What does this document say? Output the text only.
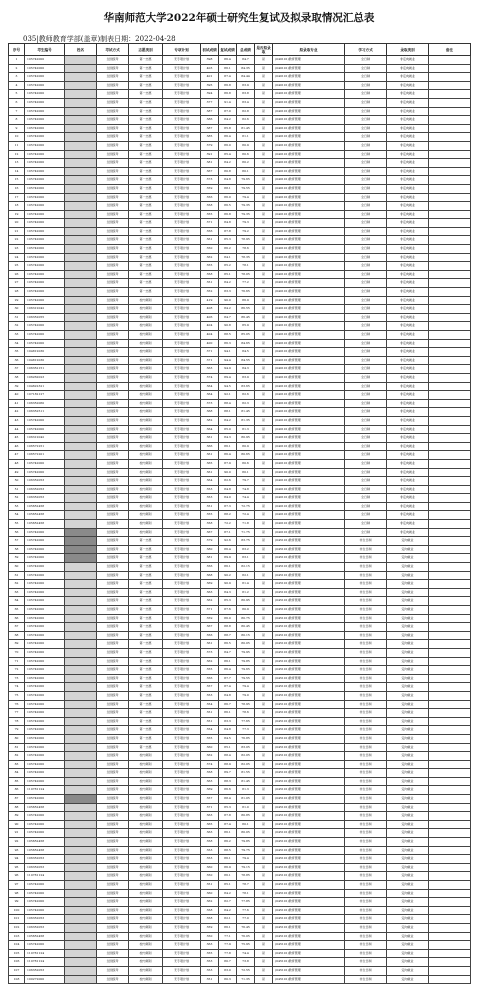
华南师范大学2022年硕士研究生复试及拟录取情况汇总表
035|教师教育学部(盖章)制表日期：2022-04-28
序号	考生编号	姓名	考试方式	志愿类别	专项计划	初试成绩	复试成绩	总成绩	是否拟录取	拟录取专业	学习方式	录取类别	备注
1	105742000		全国统考	第一志愿	无专项计划	398	86.4	84.7	是	(040101)教育管理	全日制	非定向就业	
2	105742000		全国统考	第一志愿	无专项计划	403	86.1	84.35	是	(040101)教育管理	全日制	非定向就业	
3	105742000		全国统考	第一志愿	无专项计划	401	87.4	84.44	是	(040101)教育管理	全日制	非定向就业	
4	105742000		全国统考	第一志愿	无专项计划	395	86.8	83.9	是	(040101)教育管理	全日制	非定向就业	
5	105742000		全国统考	第一志愿	无专项计划	394	86.8	83.8	是	(040101)教育管理	全日制	非定向就业	
6	105742000		全国统考	第一志愿	无专项计划	377	91.4	83.4	是	(040101)教育管理	全日制	非定向就业	
7	105742000		全国统考	第一志愿	无专项计划	387	87.0	82.8	是	(040101)教育管理	全日制	非定向就业	
8	105742000		全国统考	第一志愿	无专项计划	386	84.2	82.6	是	(040101)教育管理	全日制	非定向就业	
9	105742000		全国统考	第一志愿	无专项计划	387	85.8	81.45	是	(040101)教育管理	全日制	非定向就业	
10	105742000		全国统考	第一志愿	无专项计划	385	86.4	81.1	是	(040101)教育管理	全日制	非定向就业	
11	105742000		全国统考	第一志愿	无专项计划	379	86.0	80.9	是	(040101)教育管理	全日制	非定向就业	
12	105742000		全国统考	第一志愿	无专项计划	391	85.4	80.6	是	(040101)教育管理	全日制	非定向就业	
13	105742000		全国统考	第一志愿	无专项计划	381	84.2	80.2	是	(040101)教育管理	全日制	非定向就业	
14	105742000		全国统考	第一志愿	无专项计划	367	80.8	80.1	是	(040101)教育管理	全日制	非定向就业	
15	105742000		全国统考	第一志愿	无专项计划	373	84.8	79.65	是	(040101)教育管理	全日制	非定向就业	
16	105742000		全国统考	第一志愿	无专项计划	359	88.1	79.55	是	(040101)教育管理	全日制	非定向就业	
17	105742000		全国统考	第一志愿	无专项计划	356	86.0	79.4	是	(040101)教育管理	全日制	非定向就业	
18	105742000		全国统考	第一志愿	无专项计划	358	86.5	79.35	是	(040101)教育管理	全日制	非定向就业	
19	105742000		全国统考	第一志愿	无专项计划	355	86.8	79.35	是	(040101)教育管理	全日制	非定向就业	
20	105742000		全国统考	第一志愿	无专项计划	371	84.8	79.3	是	(040101)教育管理	全日制	非定向就业	
21	105742000		全国统考	第一志愿	无专项计划	356	87.8	79.2	是	(040101)教育管理	全日制	非定向就业	
22	105742000		全国统考	第一志愿	无专项计划	361	85.3	78.95	是	(040101)教育管理	全日制	非定向就业	
23	105742000		全国统考	第一志愿	无专项计划	350	86.2	78.6	是	(040101)教育管理	全日制	非定向就业	
24	105742000		全国统考	第一志愿	无专项计划	362	84.1	78.35	是	(040101)教育管理	全日制	非定向就业	
25	105742000		全国统考	第一志愿	无专项计划	355	85.2	78.1	是	(040101)教育管理	全日制	非定向就业	
26	105742000		全国统考	第一志愿	无专项计划	358	85.1	78.05	是	(040101)教育管理	全日制	非定向就业	
27	105742000		全国统考	第一志愿	无专项计划	351	84.2	77.2	是	(040101)教育管理	全日制	非定向就业	
28	105742000		全国统考	第一志愿	无专项计划	352	83.3	76.65	是	(040101)教育管理	全日制	非定向就业	
29	105742000		全国统考	校内调剂	无专项计划	419	90.0	86.9	是	(040101)教育管理	全日制	非定向就业	
30	106312042		全国统考	校内调剂	无专项计划	408	84.2	86.55	是	(040101)教育管理	全日制	非定向就业	
31	106352055		全国统考	校内调剂	无专项计划	406	84.7	86.45	是	(040101)教育管理	全日制	非定向就业	
32	105742000		全国统考	校内调剂	无专项计划	404	90.8	85.9	是	(040101)教育管理	全日制	非定向就业	
33	105742000		全国统考	校内调剂	无专项计划	404	88.5	85.05	是	(040101)教育管理	全日制	非定向就业	
34	105742000		全国统考	校内调剂	无专项计划	400	86.3	84.65	是	(040101)教育管理	全日制	非定向就业	
35	104812030		全国统考	校内调剂	无专项计划	371	94.1	84.5	是	(040101)教育管理	全日制	非定向就业	
36	104812030		全国统考	校内调剂	无专项计划	371	94.4	84.55	是	(040101)教育管理	全日制	非定向就业	
37	106352151		全国统考	校内调剂	无专项计划	363	94.9	84.3	是	(040101)教育管理	全日制	非定向就业	
38	106262023		全国统考	校内调剂	无专项计划	374	89.4	83.9	是	(040101)教育管理	全日制	非定向就业	
39	104622321		全国统考	校内调剂	无专项计划	364	94.5	83.65	是	(040101)教育管理	全日制	非定向就业	
40	107182127		全国统考	校内调剂	无专项计划	364	92.1	82.6	是	(040101)教育管理	全日制	非定向就业	
41	106352060		全国统考	校内调剂	无专项计划	373	88.4	82.3	是	(040101)教育管理	全日制	非定向就业	
42	106352511		全国统考	校内调剂	无专项计划	368	88.1	81.45	是	(040101)教育管理	全日制	非定向就业	
43	105742000		全国统考	校内调剂	无专项计划	382	84.2	81.35	是	(040101)教育管理	全日制	非定向就业	
44	105742000		全国统考	校内调剂	无专项计划	364	85.0	81.3	是	(040101)教育管理	全日制	非定向就业	
45	106312042		全国统考	校内调剂	无专项计划	361	84.3	80.95	是	(040101)教育管理	全日制	非定向就业	
46	106572251		全国统考	校内调剂	无专项计划	366	86.1	80.9	是	(040101)教育管理	全日制	非定向就业	
47	106572201		全国统考	校内调剂	无专项计划	361	86.4	80.65	是	(040101)教育管理	全日制	非定向就业	
48	105742000		全国统考	校内调剂	无专项计划	365	87.9	80.6	是	(040101)教育管理	全日制	非定向就业	
49	105742000		全国统考	校内调剂	无专项计划	361	90.0	80.1	是	(040101)教育管理	全日制	非定向就业	
50	106352053		全国统考	校内调剂	无专项计划	364	82.6	79.7	是	(040101)教育管理	全日制	非定向就业	
51	106352053		全国统考	校内调剂	无专项计划	353	84.8	74.8	是	(040101)教育管理	全日制	非定向就业	
52	106352053		全国统考	校内调剂	无专项计划	353	84.0	74.4	是	(040101)教育管理	全日制	非定向就业	
53	105652458		全国统考	校内调剂	无专项计划	351	87.3	72.75	是	(040101)教育管理	全日制	非定向就业	
54	105652458		全国统考	校内调剂	无专项计划	355	88.2	72.4	是	(040101)教育管理	全日制	非定向就业	
55	105652458		全国统考	校内调剂	无专项计划	358	72.2	71.8	是	(040101)教育管理	全日制	非定向就业	
56	105742000		全国统考	校内调剂	无专项计划	367	87.1	71.75	是	(040101)教育管理	全日制	非定向就业	
57	105742000		全国统考	第一志愿	无专项计划	379	92.6	83.75	是	(045101)教育管理	非全日制	定向就业	
58	105742000		全国统考	第一志愿	无专项计划	380	86.4	83.2	是	(045101)教育管理	非全日制	定向就业	
59	105742000		全国统考	第一志愿	无专项计划	381	89.9	83.1	是	(045101)教育管理	非全日制	定向就业	
60	105742000		全国统考	第一志愿	无专项计划	356	86.1	82.15	是	(045101)教育管理	非全日制	定向就业	
61	105742000		全国统考	第一志愿	无专项计划	368	90.2	82.1	是	(045101)教育管理	非全日制	定向就业	
62	105742000		全国统考	第一志愿	无专项计划	369	90.9	81.4	是	(045101)教育管理	非全日制	定向就业	
63	105742000		全国统考	第一志愿	无专项计划	363	84.3	81.2	是	(045101)教育管理	非全日制	定向就业	
64	105742000		全国统考	第一志愿	无专项计划	362	85.3	80.95	是	(045101)教育管理	非全日制	定向就业	
65	105742000		全国统考	第一志愿	无专项计划	371	87.6	80.9	是	(045101)教育管理	非全日制	定向就业	
66	105742000		全国统考	第一志愿	无专项计划	359	86.0	80.75	是	(045101)教育管理	非全日制	定向就业	
67	105742000		全国统考	第一志愿	无专项计划	367	88.8	80.45	是	(045101)教育管理	非全日制	定向就业	
68	105742000		全国统考	第一志愿	无专项计划	356	88.7	80.15	是	(045101)教育管理	非全日制	定向就业	
69	105742000		全国统考	第一志愿	无专项计划	361	86.5	80.05	是	(045101)教育管理	非全日制	定向就业	
70	105742000		全国统考	第一志愿	无专项计划	373	84.7	79.95	是	(045101)教育管理	非全日制	定向就业	
71	105742000		全国统考	第一志愿	无专项计划	362	86.1	79.85	是	(045101)教育管理	非全日制	定向就业	
72	105742000		全国统考	第一志愿	无专项计划	355	86.4	79.65	是	(045101)教育管理	非全日制	定向就业	
73	105742000		全国统考	第一志愿	无专项计划	356	87.7	79.55	是	(045101)教育管理	非全日制	定向就业	
74	105742000		全国统考	第一志愿	无专项计划	357	87.4	79.4	是	(045101)教育管理	非全日制	定向就业	
75	105742000		全国统考	第一志愿	无专项计划	353	84.8	79.0	是	(045101)教育管理	非全日制	定向就业	
76	105742000		全国统考	第一志愿	无专项计划	354	86.7	78.95	是	(045101)教育管理	非全日制	定向就业	
77	105742000		全国统考	第一志愿	无专项计划	351	86.1	78.6	是	(045101)教育管理	非全日制	定向就业	
78	105742000		全国统考	第一志愿	无专项计划	351	83.3	77.65	是	(045101)教育管理	非全日制	定向就业	
79	105742000		全国统考	第一志愿	无专项计划	354	84.8	77.3	是	(045101)教育管理	非全日制	定向就业	
80	105742000		全国统考	第一志愿	无专项计划	355	84.5	76.85	是	(045101)教育管理	非全日制	定向就业	
81	105742000		全国统考	第一志愿	无专项计划	360	85.1	83.05	是	(045101)教育管理	非全日制	定向就业	
82	105742000		全国统考	校内调剂	无专项计划	362	88.4	82.05	是	(045101)教育管理	非全日制	定向就业	
83	105742000		全国统考	校内调剂	无专项计划	374	88.9	82.05	是	(045101)教育管理	非全日制	定向就业	
84	105742000		全国统考	校内调剂	无专项计划	358	89.7	81.55	是	(045101)教育管理	非全日制	定向就业	
85	105742000		全国统考	校内调剂	无专项计划	363	88.3	81.45	是	(045101)教育管理	非全日制	定向就业	
86	110781124		全国统考	校内调剂	无专项计划	369	86.6	81.3	是	(045101)教育管理	非全日制	定向就业	
87	105742000		全国统考	校内调剂	无专项计划	357	88.4	81.05	是	(045101)教育管理	非全日制	定向就业	
88	105652458		全国统考	校内调剂	无专项计划	371	85.3	81.0	是	(045101)教育管理	非全日制	定向就业	
89	105742000		全国统考	校内调剂	无专项计划	363	87.8	80.85	是	(045101)教育管理	非全日制	定向就业	
90	105742000		全国统考	校内调剂	无专项计划	365	87.4	80.1	是	(045101)教育管理	非全日制	定向就业	
91	105742000		全国统考	校内调剂	无专项计划	363	86.1	80.05	是	(045101)教育管理	非全日制	定向就业	
92	105652458		全国统考	校内调剂	无专项计划	358	86.2	79.85	是	(045101)教育管理	非全日制	定向就业	
93	105652458		全国统考	校内调剂	无专项计划	353	88.5	79.75	是	(045101)教育管理	非全日制	定向就业	
94	106352053		全国统考	校内调剂	无专项计划	353	86.1	79.4	是	(045101)教育管理	非全日制	定向就业	
95	106352053		全国统考	校内调剂	无专项计划	360	86.9	79.15	是	(045101)教育管理	非全日制	定向就业	
96	110781124		全国统考	校内调剂	无专项计划	350	86.1	78.85	是	(045101)教育管理	非全日制	定向就业	
97	105742000		全国统考	校内调剂	无专项计划	351	85.1	78.7	是	(045101)教育管理	非全日制	定向就业	
98	105742000		全国统考	校内调剂	无专项计划	360	84.2	78.1	是	(045101)教育管理	非全日制	定向就业	
99	105742000		全国统考	校内调剂	无专项计划	362	82.7	77.85	是	(045101)教育管理	非全日制	定向就业	
100	105742000		全国统考	校内调剂	无专项计划	358	84.2	77.6	是	(045101)教育管理	非全日制	定向就业	
101	106352053		全国统考	校内调剂	无专项计划	358	82.1	77.0	是	(045101)教育管理	非全日制	定向就业	
102	106352053		全国统考	校内调剂	无专项计划	359	86.1	76.45	是	(045101)教育管理	非全日制	定向就业	
103	105652458		全国统考	校内调剂	无专项计划	350	77.1	76.05	是	(045101)教育管理	非全日制	定向就业	
104	105742000		全国统考	校内调剂	无专项计划	363	77.9	75.95	是	(045101)教育管理	非全日制	定向就业	
105	110781124		全国统考	校内调剂	无专项计划	355	77.8	74.4	是	(045101)教育管理	非全日制	定向就业	
106	110781124		全国统考	校内调剂	无专项计划	353	80.7	73.8	是	(045101)教育管理	非全日制	定向就业	
107	106352053		全国统考	校内调剂	无专项计划	353	83.0	72.55	是	(045101)教育管理	非全日制	定向就业	
108	100272000		全国统考	校内调剂	无专项计划	351	80.3	71.35	是	(045101)教育管理	非全日制	定向就业	
